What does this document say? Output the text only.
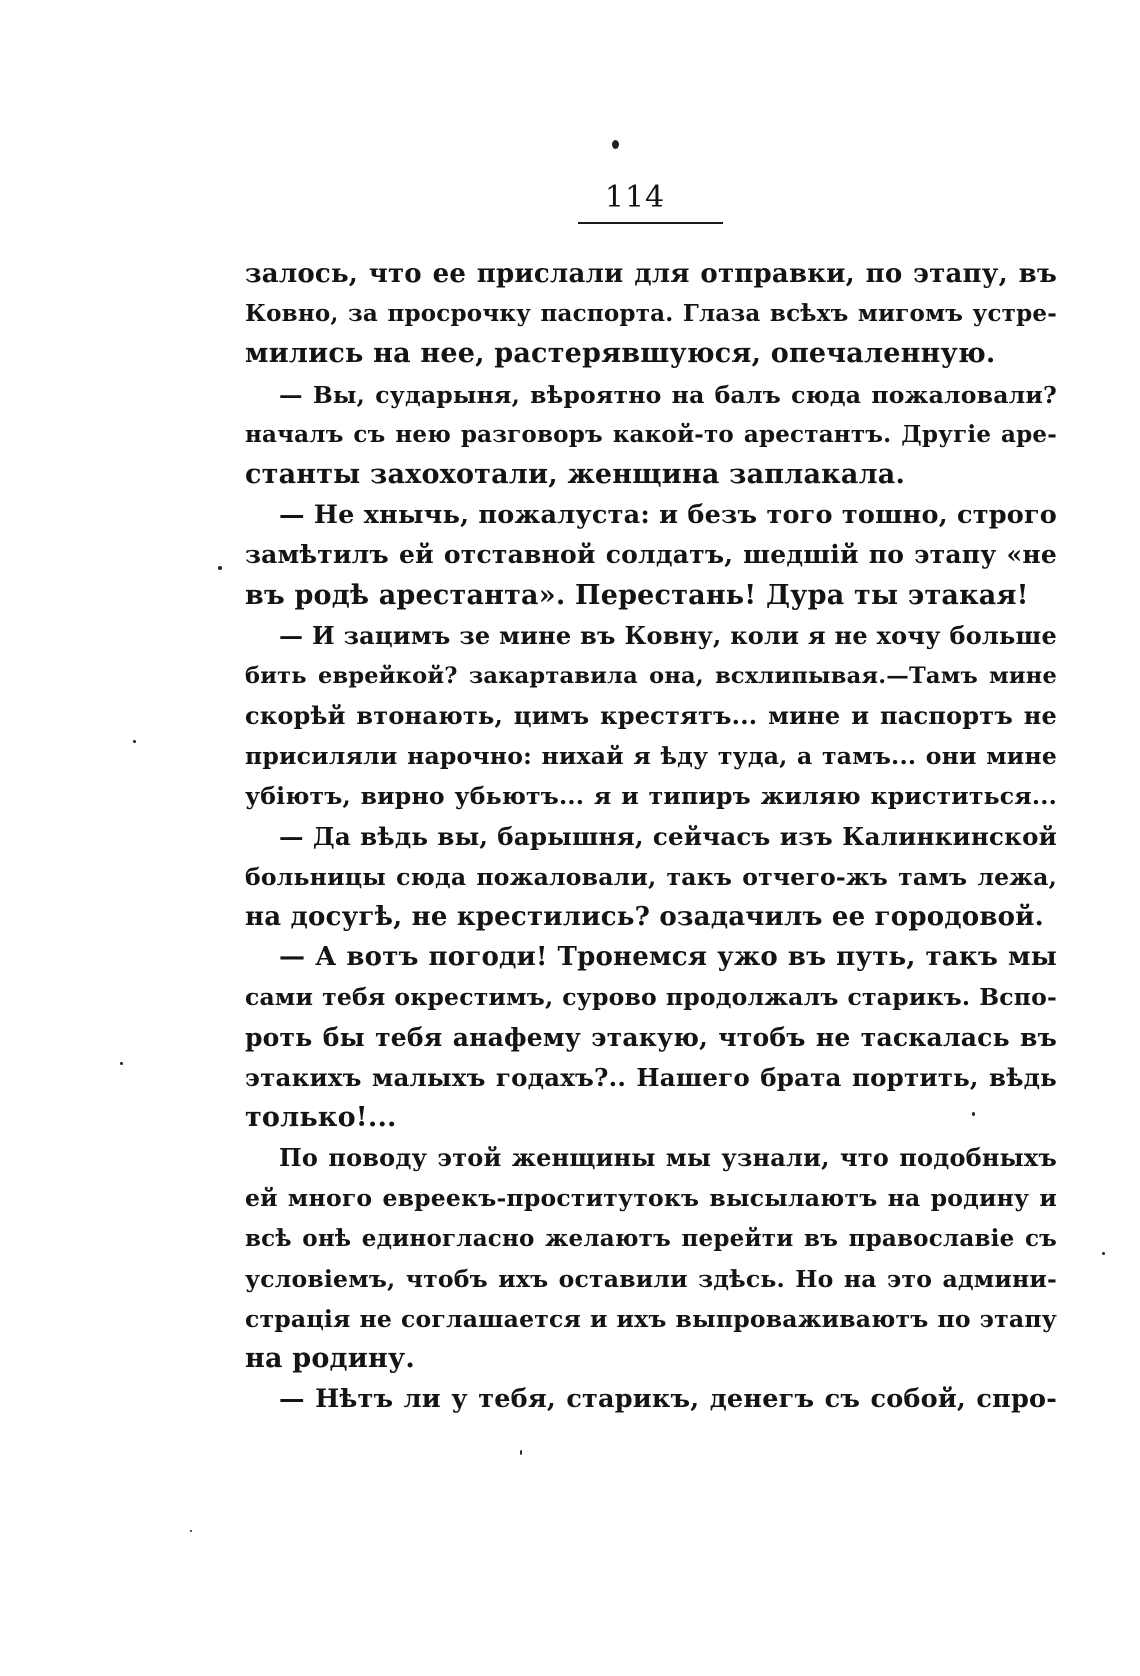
114
залось, что ее прислали для отправки, по этапу, въ
Ковно, за просрочку паспорта. Глаза всѣхъ мигомъ устре-
мились на нее, растерявшуюся, опечаленную.
— Вы, сударыня, вѣроятно на балъ сюда пожаловали?
началъ съ нею разговоръ какой-то арестантъ. Другіе аре-
станты захохотали, женщина заплакала.
— Не хнычь, пожалуста: и безъ того тошно, строго
замѣтилъ ей отставной солдатъ, шедшій по этапу «не
въ родѣ арестанта». Перестань! Дура ты этакая!
— И зацимъ зе мине въ Ковну, коли я не хочу больше
бить еврейкой? закартавила она, всхлипывая.—Тамъ мине
скорѣй втонають, цимъ крестятъ... мине и паспортъ не
присиляли нарочно: нихай я ѣду туда, а тамъ... они мине
убіютъ, вирно убьютъ... я и типиръ жиляю криститься...
— Да вѣдь вы, барышня, сейчасъ изъ Калинкинской
больницы сюда пожаловали, такъ отчего-жъ тамъ лежа,
на досугѣ, не крестились? озадачилъ ее городовой.
— А вотъ погоди! Тронемся ужо въ путь, такъ мы
сами тебя окрестимъ, сурово продолжалъ старикъ. Вспо-
роть бы тебя анафему этакую, чтобъ не таскалась въ
этакихъ малыхъ годахъ?.. Нашего брата портить, вѣдь
только!...
По поводу этой женщины мы узнали, что подобныхъ
ей много евреекъ-проститутокъ высылаютъ на родину и
всѣ онѣ единогласно желаютъ перейти въ православіе съ
условіемъ, чтобъ ихъ оставили здѣсь. Но на это админи-
страція не соглашается и ихъ выпроваживаютъ по этапу
на родину.
— Нѣтъ ли у тебя, старикъ, денегъ съ собой, спро-
